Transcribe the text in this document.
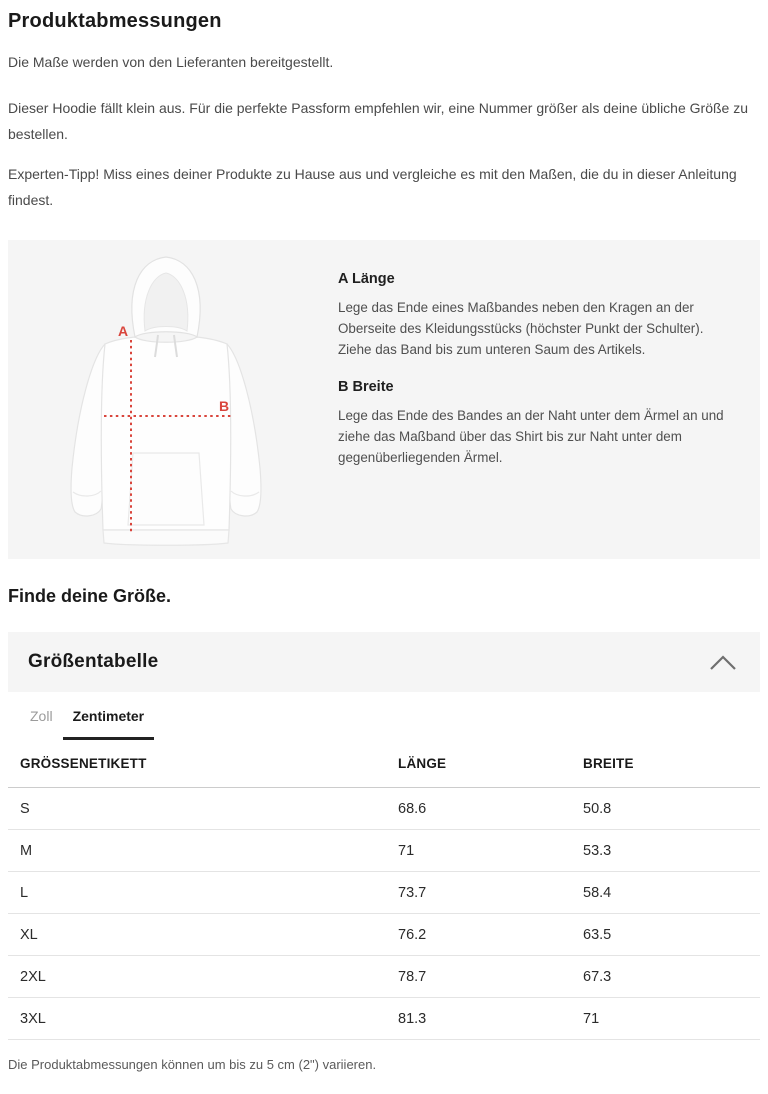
Produktabmessungen

Die Maße werden von den Lieferanten bereitgestellt.

Dieser Hoodie fällt klein aus. Für die perfekte Passform empfehlen wir, eine Nummer größer als deine übliche Größe zu bestellen.

Experten-Tipp! Miss eines deiner Produkte zu Hause aus und vergleiche es mit den Maßen, die du in dieser Anleitung findest.

A
B
A Länge

Lege das Ende eines Maßbandes neben den Kragen an der Oberseite des Kleidungsstücks (höchster Punkt der Schulter). Ziehe das Band bis zum unteren Saum des Artikels.

B Breite

Lege das Ende des Bandes an der Naht unter dem Ärmel an und ziehe das Maßband über das Shirt bis zur Naht unter dem gegenüberliegenden Ärmel.

Finde deine Größe.
Größentabelle
Zoll	Zentimeter
GRÖSSENETIKETT	LÄNGE	BREITE
S	68.6	50.8
M	71	53.3
L	73.7	58.4
XL	76.2	63.5
2XL	78.7	67.3
3XL	81.3	71

Die Produktabmessungen können um bis zu 5 cm (2") variieren.
